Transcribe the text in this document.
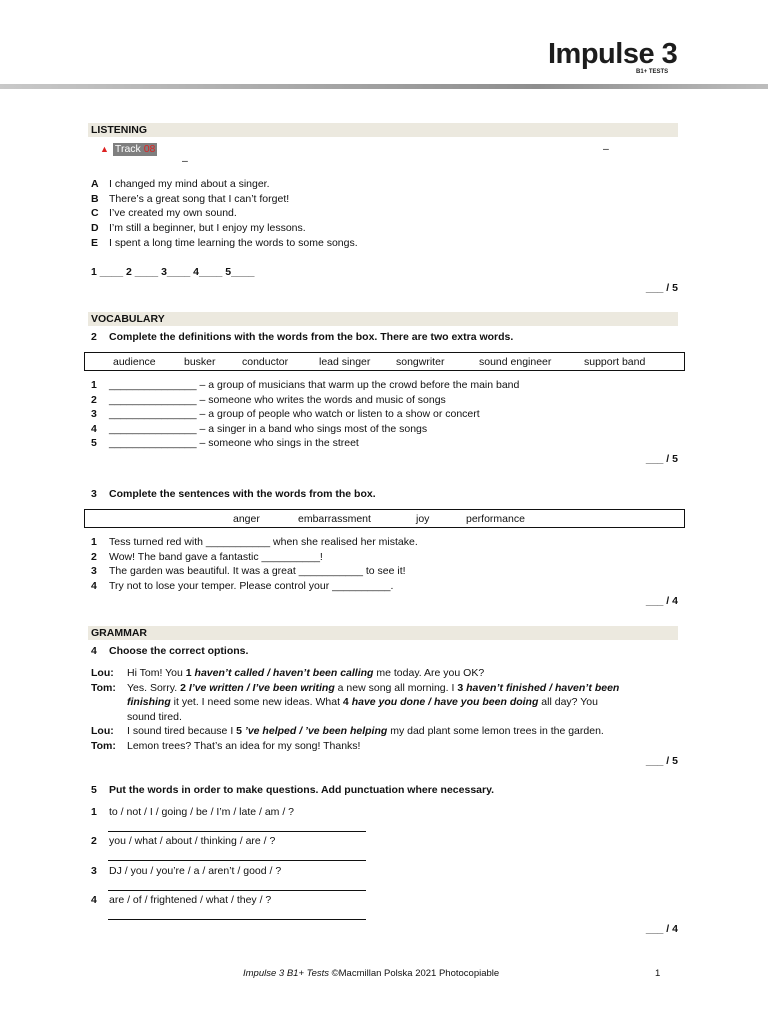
Impulse 3
B1+ TESTS
LISTENING
▲ Track 08	–
–
A I changed my mind about a singer.
B There’s a great song that I can’t forget!
C I’ve created my own sound.
D I’m still a beginner, but I enjoy my lessons.
E I spent a long time learning the words to some songs.
1 ____ 2 ____ 3____ 4____ 5____
___ / 5
VOCABULARY
2 Complete the definitions with the words from the box. There are two extra words.
audience	busker	conductor	lead singer songwriter	sound engineer	support band
1 _______________ – a group of musicians that warm up the crowd before the main band
2 _______________ – someone who writes the words and music of songs
3 _______________ – a group of people who watch or listen to a show or concert
4 _______________ – a singer in a band who sings most of the songs
5 _______________ – someone who sings in the street
___ / 5
3 Complete the sentences with the words from the box.
anger	embarrassment	joy	performance
1 Tess turned red with ___________ when she realised her mistake.
2 Wow! The band gave a fantastic __________!
3 The garden was beautiful. It was a great ___________ to see it!
4 Try not to lose your temper. Please control your __________.
___ / 4
GRAMMAR
4 Choose the correct options.
Lou: Hi Tom! You 1 haven’t called / haven’t been calling me today. Are you OK?
Tom: Yes. Sorry. 2 I’ve written / I’ve been writing a new song all morning. I 3 haven’t finished / haven’t been
finishing it yet. I need some new ideas. What 4 have you done / have you been doing all day? You
sound tired.
Lou: I sound tired because I 5 ’ve helped / ’ve been helping my dad plant some lemon trees in the garden.
Tom: Lemon trees? That’s an idea for my song! Thanks!
___ / 5
5 Put the words in order to make questions. Add punctuation where necessary.
1 to / not / I / going / be / I’m / late / am / ?
2 you / what / about / thinking / are / ?
3 DJ / you / you’re / a / aren’t / good / ?
4 are / of / frightened / what / they / ?
___ / 4
Impulse 3 B1+ Tests ©Macmillan Polska 2021 Photocopiable	1
